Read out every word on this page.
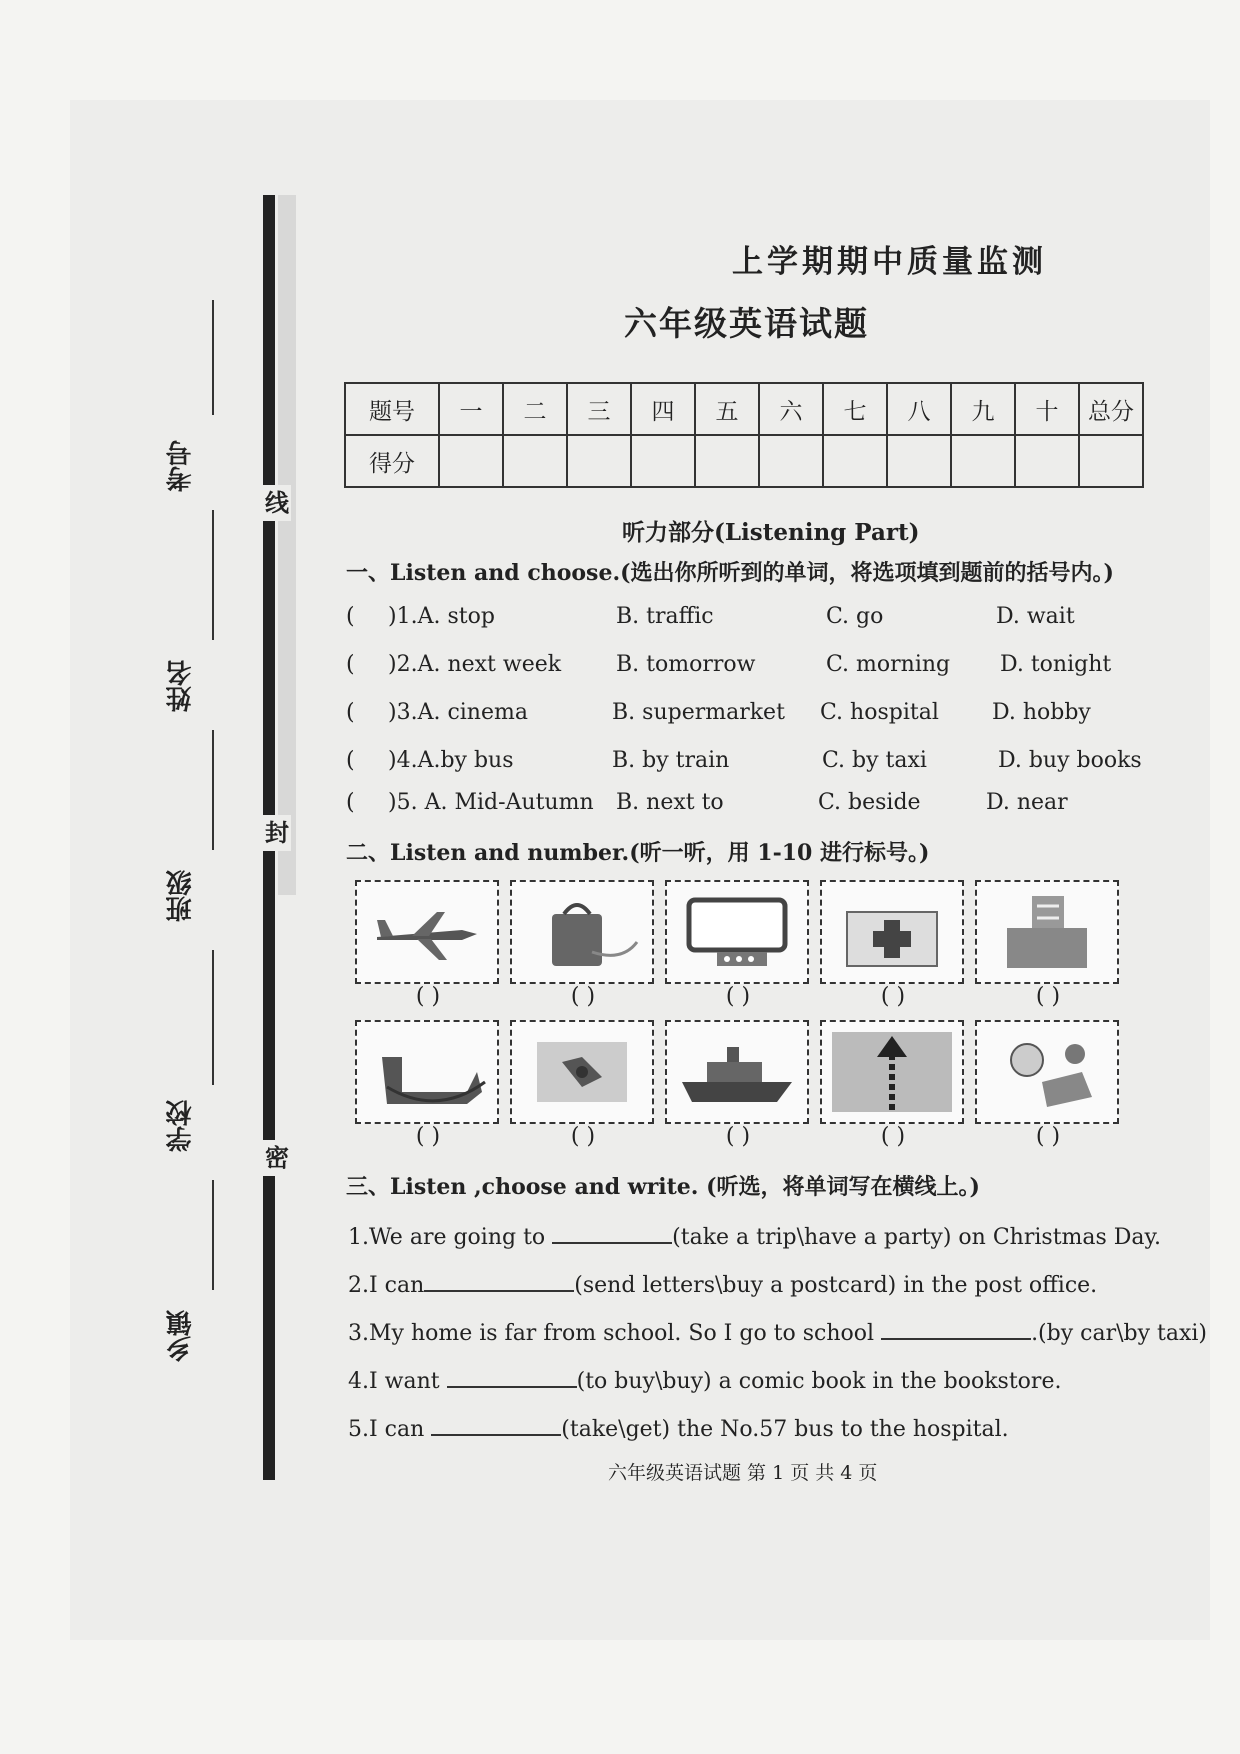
考号
姓名
班级
学校
乡镇
线
封
密
上学期期中质量监测
六年级英语试题
题号	一	二	三	四	五	六	七	八	九	十	总分
得分											
听力部分(Listening Part)
一、Listen and choose.(选出你所听到的单词，将选项填到题前的括号内。)
( )1.A. stop	B. traffic	C. go	D. wait
( )2.A. next week B. tomorrow	C. morning D. tonight
( )3.A. cinema	B. supermarket C. hospital D. hobby
( )4.A.by bus	B. by train	C. by taxi	D. buy books
( )5. A. Mid-Autumn B. next to	C. beside	D. near
二、Listen and number.(听一听，用 1-10 进行标号。)
( )	( )	( )	( )	( )
( )	( )	( )	( )	( )
三、Listen ,choose and write. (听选，将单词写在横线上。)
1.We are going to	(take a trip\have a party) on Christmas Day.
2.I can	(send letters\buy a postcard) in the post office.
3.My home is far from school. So I go to school	.(by car\by taxi)
4.I want	(to buy\buy) a comic book in the bookstore.
5.I can	(take\get) the No.57 bus to the hospital.
六年级英语试题 第 1 页 共 4 页
